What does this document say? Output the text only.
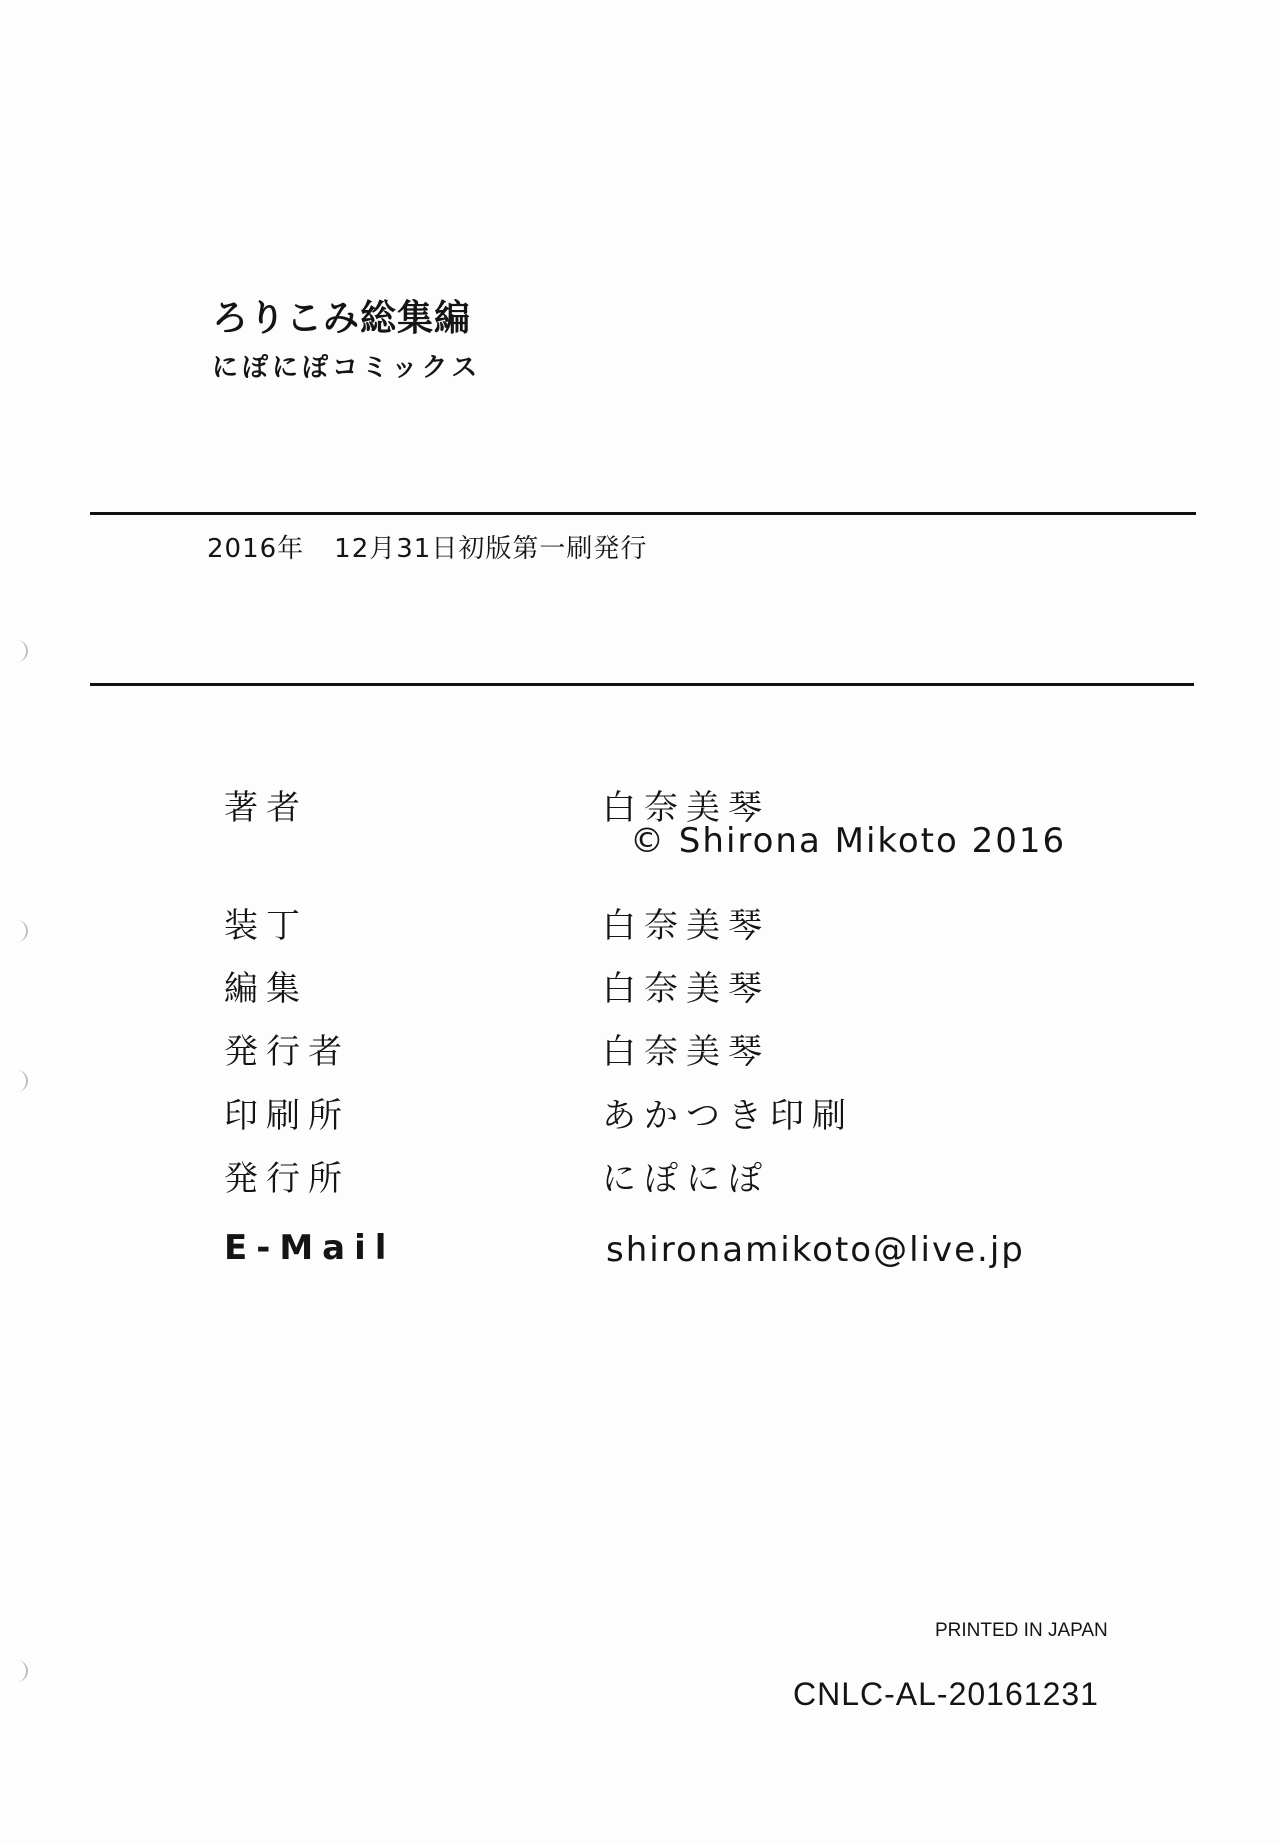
ろりこみ総集編
にぽにぽコミックス
2016年 12月31日初版第一刷発行
著者	白奈美琴
© Shirona Mikoto 2016
装丁	白奈美琴
編集	白奈美琴
発行者	白奈美琴
印刷所	あかつき印刷
発行所	にぽにぽ
E-Mail	shironamikoto@live.jp
PRINTED IN JAPAN
CNLC-AL-20161231
